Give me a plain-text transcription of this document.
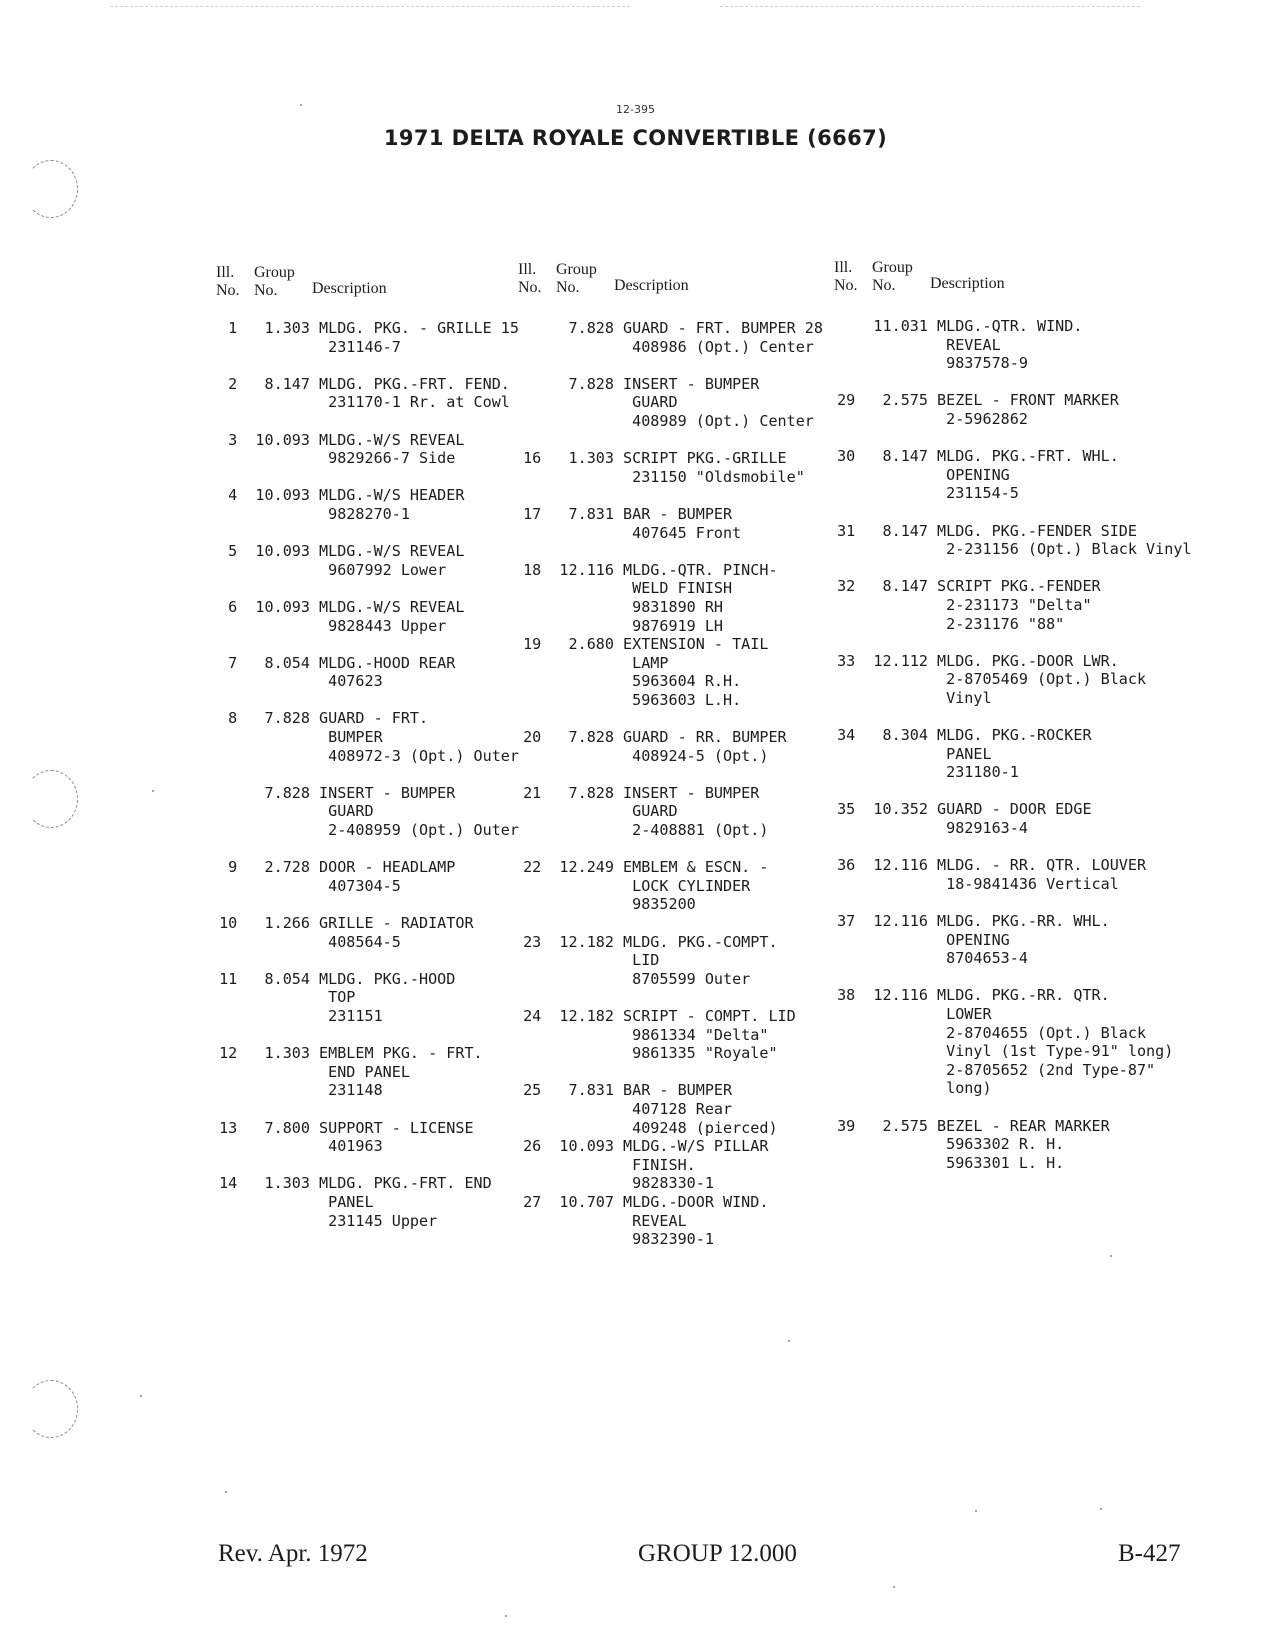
12-395
1971 DELTA ROYALE CONVERTIBLE (6667)
Ill. Group
No. No. Description
Ill. Group
No. No. Description
Ill. Group
No. No. Description
1   1.303 MLDG. PKG. - GRILLE 15
231146-7

2   8.147 MLDG. PKG.-FRT. FEND.
231170-1 Rr. at Cowl

3  10.093 MLDG.-W/S REVEAL
9829266-7 Side

4  10.093 MLDG.-W/S HEADER
9828270-1

5  10.093 MLDG.-W/S REVEAL
9607992 Lower

6  10.093 MLDG.-W/S REVEAL
9828443 Upper

7   8.054 MLDG.-HOOD REAR
407623

8   7.828 GUARD - FRT.
BUMPER
408972-3 (Opt.) Outer

7.828 INSERT - BUMPER
GUARD
2-408959 (Opt.) Outer

9   2.728 DOOR - HEADLAMP
407304-5

10   1.266 GRILLE - RADIATOR
408564-5

11   8.054 MLDG. PKG.-HOOD
TOP
231151

12   1.303 EMBLEM PKG. - FRT.
END PANEL
231148

13   7.800 SUPPORT - LICENSE
401963

14   1.303 MLDG. PKG.-FRT. END
PANEL
231145 Upper
7.828 GUARD - FRT. BUMPER 28
408986 (Opt.) Center

7.828 INSERT - BUMPER
GUARD
408989 (Opt.) Center

16   1.303 SCRIPT PKG.-GRILLE
231150 "Oldsmobile"

17   7.831 BAR - BUMPER
407645 Front

18  12.116 MLDG.-QTR. PINCH-
WELD FINISH
9831890 RH
9876919 LH
19   2.680 EXTENSION - TAIL
LAMP
5963604 R.H.
5963603 L.H.

20   7.828 GUARD - RR. BUMPER
408924-5 (Opt.)

21   7.828 INSERT - BUMPER
GUARD
2-408881 (Opt.)

22  12.249 EMBLEM & ESCN. -
LOCK CYLINDER
9835200

23  12.182 MLDG. PKG.-COMPT.
LID
8705599 Outer

24  12.182 SCRIPT - COMPT. LID
9861334 "Delta"
9861335 "Royale"

25   7.831 BAR - BUMPER
407128 Rear
409248 (pierced)
26  10.093 MLDG.-W/S PILLAR
FINISH.
9828330-1
27  10.707 MLDG.-DOOR WIND.
REVEAL
9832390-1
11.031 MLDG.-QTR. WIND.
REVEAL
9837578-9

29   2.575 BEZEL - FRONT MARKER
2-5962862

30   8.147 MLDG. PKG.-FRT. WHL.
OPENING
231154-5

31   8.147 MLDG. PKG.-FENDER SIDE
2-231156 (Opt.) Black Vinyl

32   8.147 SCRIPT PKG.-FENDER
2-231173 "Delta"
2-231176 "88"

33  12.112 MLDG. PKG.-DOOR LWR.
2-8705469 (Opt.) Black
Vinyl

34   8.304 MLDG. PKG.-ROCKER
PANEL
231180-1

35  10.352 GUARD - DOOR EDGE
9829163-4

36  12.116 MLDG. - RR. QTR. LOUVER
18-9841436 Vertical

37  12.116 MLDG. PKG.-RR. WHL.
OPENING
8704653-4

38  12.116 MLDG. PKG.-RR. QTR.
LOWER
2-8704655 (Opt.) Black
Vinyl (1st Type-91" long)
2-8705652 (2nd Type-87"
long)

39   2.575 BEZEL - REAR MARKER
5963302 R. H.
5963301 L. H.
Rev. Apr. 1972	GROUP 12.000	B-427
